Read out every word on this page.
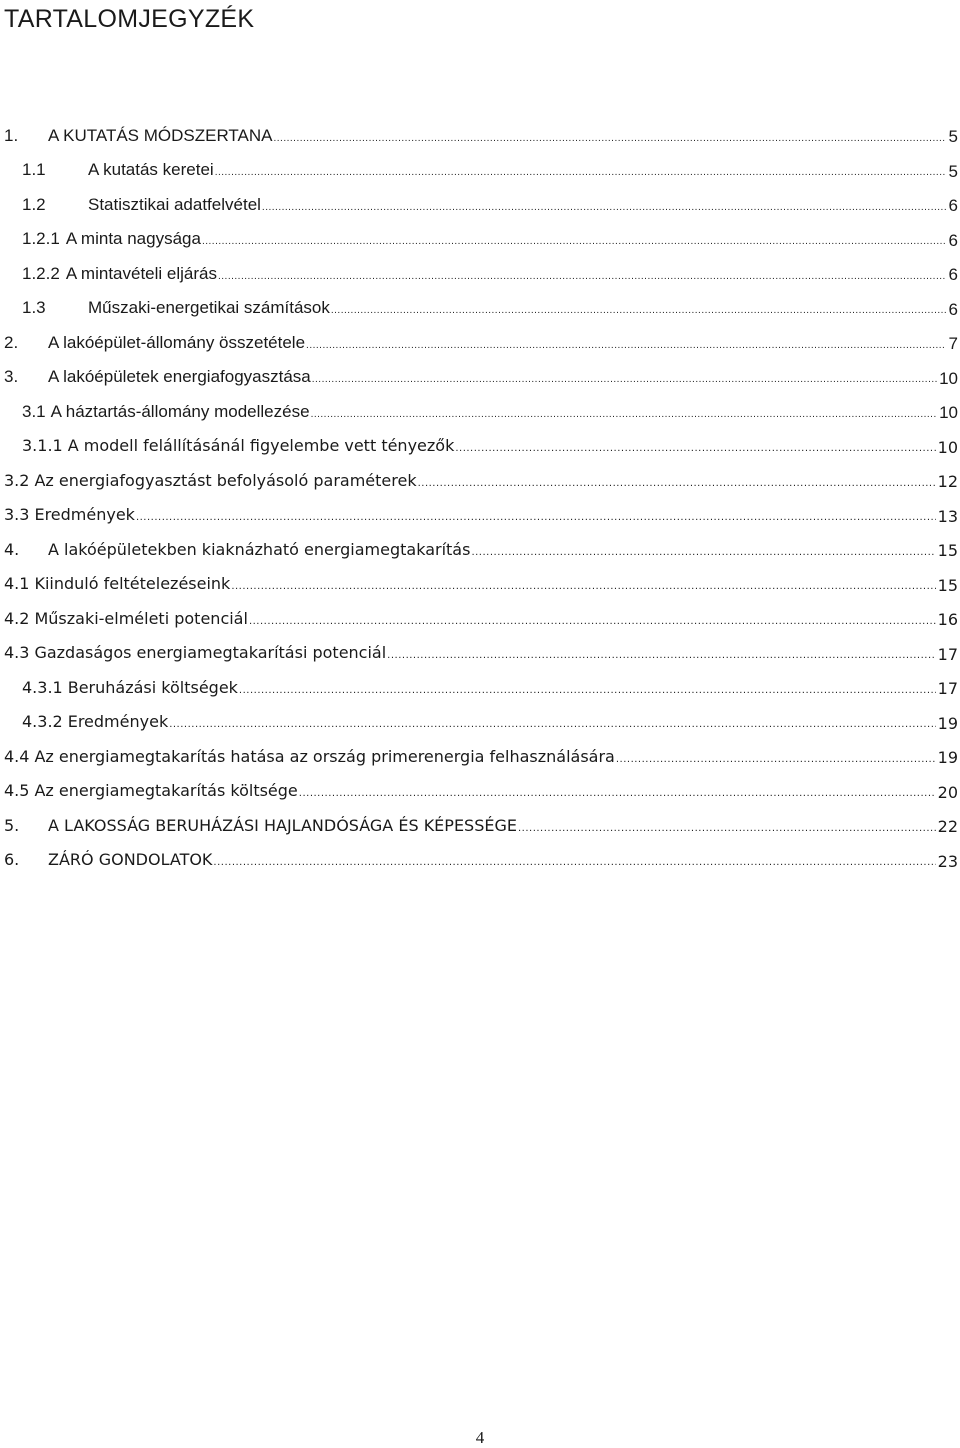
TARTALOMJEGYZÉK
1.	A KUTATÁS MÓDSZERTANA .....	5
1.1	A kutatás keretei .....	5
1.2	Statisztikai adatfelvétel .....	6
1.2.1 A minta nagysága .....	6
1.2.2 A mintavételi eljárás .....	6
1.3	Műszaki-energetikai számítások .....	6
2.	A lakóépület-állomány összetétele .....	7
3.	A lakóépületek energiafogyasztása .....	10
3.1 A háztartás-állomány modellezése .....	10
3.1.1 A modell felállításánál figyelembe vett tényezők .....	10
3.2 Az energiafogyasztást befolyásoló paraméterek .....	12
3.3 Eredmények .....	13
4.	A lakóépületekben kiaknázható energiamegtakarítás .....	15
4.1 Kiinduló feltételezéseink .....	15
4.2 Műszaki-elméleti potenciál .....	16
4.3 Gazdaságos energiamegtakarítási potenciál .....	17
4.3.1 Beruházási költségek .....	17
4.3.2 Eredmények .....	19
4.4 Az energiamegtakarítás hatása az ország primerenergia felhasználására .....	19
4.5 Az energiamegtakarítás költsége .....	20
5.	A LAKOSSÁG BERUHÁZÁSI HAJLANDÓSÁGA ÉS KÉPESSÉGE .....	22
6.	ZÁRÓ GONDOLATOK .....	23
4
